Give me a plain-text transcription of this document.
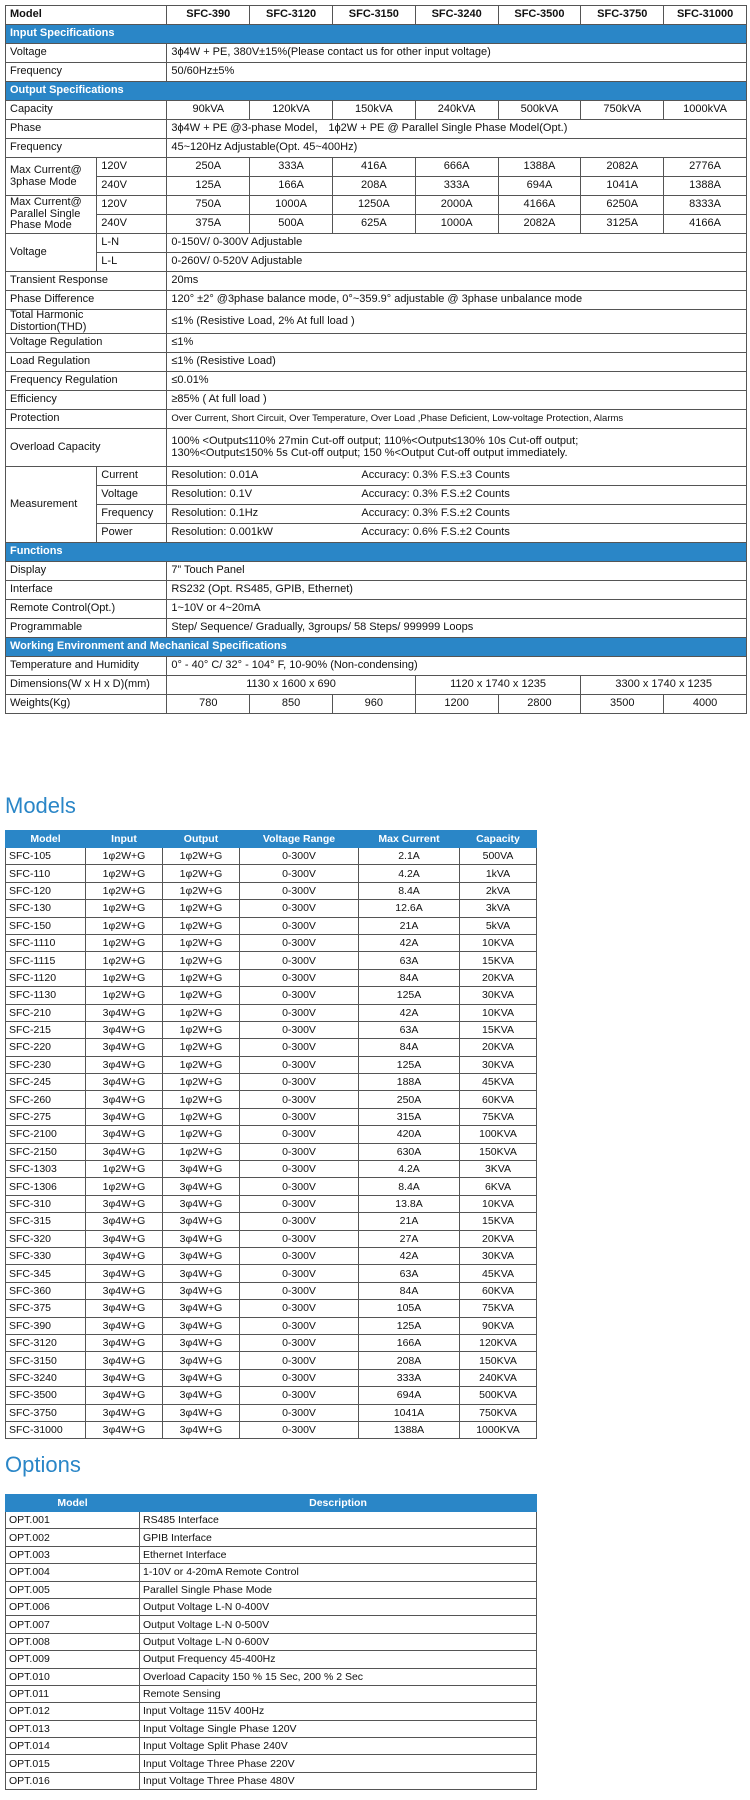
Model		SFC-390	SFC-3120	SFC-3150	SFC-3240	SFC-3500	SFC-3750	SFC-31000
Input Specifications								
Voltage		3ϕ4W + PE, 380V±15%(Please contact us for other input voltage)						
Frequency		50/60Hz±5%						
Output Specifications								
Capacity		90kVA	120kVA	150kVA	240kVA	500kVA	750kVA	1000kVA
Phase		3ϕ4W + PE @3-phase Model， 1ϕ2W + PE @ Parallel Single Phase Model(Opt.)						
Frequency		45~120Hz Adjustable(Opt. 45~400Hz)						
Max Current@ 3phase Mode	120V	250A	333A	416A	666A	1388A	2082A	2776A
	240V	125A	166A	208A	333A	694A	1041A	1388A
Max Current@ Parallel Single Phase Mode	120V	750A	1000A	1250A	2000A	4166A	6250A	8333A
	240V	375A	500A	625A	1000A	2082A	3125A	4166A
Voltage	L-N	0-150V/ 0-300V Adjustable						
	L-L	0-260V/ 0-520V Adjustable						
Transient Response		20ms						
Phase Difference		120° ±2° @3phase balance mode, 0°~359.9° adjustable @ 3phase unbalance mode						
Total Harmonic Distortion(THD)		≤1% (Resistive Load, 2% At full load )						
Voltage Regulation		≤1%						
Load Regulation		≤1% (Resistive Load)						
Frequency Regulation		≤0.01%						
Efficiency		≥85% ( At full load )						
Protection		Over Current, Short Circuit, Over Temperature, Over Load ,Phase Deficient, Low-voltage Protection, Alarms						
Overload Capacity		100% <Output≤110% 27min Cut-off output; 110%<Output≤130% 10s Cut-off output;
130%<Output≤150% 5s Cut-off output; 150 %<Output Cut-off output immediately.						

Measurement	Current	Resolution: 0.01A Accuracy: 0.3% F.S.±3 Counts						
	Voltage	Resolution: 0.1V Accuracy: 0.3% F.S.±2 Counts						
	Frequency	Resolution: 0.1Hz Accuracy: 0.3% F.S.±2 Counts						
	Power	Resolution: 0.001kW Accuracy: 0.6% F.S.±2 Counts						
Functions								
Display		7” Touch Panel						
Interface		RS232 (Opt. RS485, GPIB, Ethernet)						
Remote Control(Opt.)		1~10V or 4~20mA						
Programmable		Step/ Sequence/ Gradually, 3groups/ 58 Steps/ 999999 Loops						
Working Environment and Mechanical Specifications								
Temperature and Humidity		0° - 40° C/ 32° - 104° F, 10-90% (Non-condensing)						
Dimensions(W x H x D)(mm)		1130 x 1600 x 690			1120 x 1740 x 1235		3300 x 1740 x 1235	
Weights(Kg)		780	850	960	1200	2800	3500	4000
Models
Model	Input	Output	Voltage Range	Max Current	Capacity
SFC-105	1φ2W+G	1φ2W+G	0-300V	2.1A	500VA
SFC-110	1φ2W+G	1φ2W+G	0-300V	4.2A	1kVA
SFC-120	1φ2W+G	1φ2W+G	0-300V	8.4A	2kVA
SFC-130	1φ2W+G	1φ2W+G	0-300V	12.6A	3kVA
SFC-150	1φ2W+G	1φ2W+G	0-300V	21A	5kVA
SFC-1110	1φ2W+G	1φ2W+G	0-300V	42A	10KVA
SFC-1115	1φ2W+G	1φ2W+G	0-300V	63A	15KVA
SFC-1120	1φ2W+G	1φ2W+G	0-300V	84A	20KVA
SFC-1130	1φ2W+G	1φ2W+G	0-300V	125A	30KVA
SFC-210	3φ4W+G	1φ2W+G	0-300V	42A	10KVA
SFC-215	3φ4W+G	1φ2W+G	0-300V	63A	15KVA
SFC-220	3φ4W+G	1φ2W+G	0-300V	84A	20KVA
SFC-230	3φ4W+G	1φ2W+G	0-300V	125A	30KVA
SFC-245	3φ4W+G	1φ2W+G	0-300V	188A	45KVA
SFC-260	3φ4W+G	1φ2W+G	0-300V	250A	60KVA
SFC-275	3φ4W+G	1φ2W+G	0-300V	315A	75KVA
SFC-2100	3φ4W+G	1φ2W+G	0-300V	420A	100KVA
SFC-2150	3φ4W+G	1φ2W+G	0-300V	630A	150KVA
SFC-1303	1φ2W+G	3φ4W+G	0-300V	4.2A	3KVA
SFC-1306	1φ2W+G	3φ4W+G	0-300V	8.4A	6KVA
SFC-310	3φ4W+G	3φ4W+G	0-300V	13.8A	10KVA
SFC-315	3φ4W+G	3φ4W+G	0-300V	21A	15KVA
SFC-320	3φ4W+G	3φ4W+G	0-300V	27A	20KVA
SFC-330	3φ4W+G	3φ4W+G	0-300V	42A	30KVA
SFC-345	3φ4W+G	3φ4W+G	0-300V	63A	45KVA
SFC-360	3φ4W+G	3φ4W+G	0-300V	84A	60KVA
SFC-375	3φ4W+G	3φ4W+G	0-300V	105A	75KVA
SFC-390	3φ4W+G	3φ4W+G	0-300V	125A	90KVA
SFC-3120	3φ4W+G	3φ4W+G	0-300V	166A	120KVA
SFC-3150	3φ4W+G	3φ4W+G	0-300V	208A	150KVA
SFC-3240	3φ4W+G	3φ4W+G	0-300V	333A	240KVA
SFC-3500	3φ4W+G	3φ4W+G	0-300V	694A	500KVA
SFC-3750	3φ4W+G	3φ4W+G	0-300V	1041A	750KVA
SFC-31000	3φ4W+G	3φ4W+G	0-300V	1388A	1000KVA
Options
Model	Description
OPT.001	RS485 Interface
OPT.002	GPIB Interface
OPT.003	Ethernet Interface
OPT.004	1-10V or 4-20mA Remote Control
OPT.005	Parallel Single Phase Mode
OPT.006	Output Voltage L-N 0-400V
OPT.007	Output Voltage L-N 0-500V
OPT.008	Output Voltage L-N 0-600V
OPT.009	Output Frequency 45-400Hz
OPT.010	Overload Capacity 150 % 15 Sec, 200 % 2 Sec
OPT.011	Remote Sensing
OPT.012	Input Voltage 115V 400Hz
OPT.013	Input Voltage Single Phase 120V
OPT.014	Input Voltage Split Phase 240V
OPT.015	Input Voltage Three Phase 220V
OPT.016	Input Voltage Three Phase 480V
